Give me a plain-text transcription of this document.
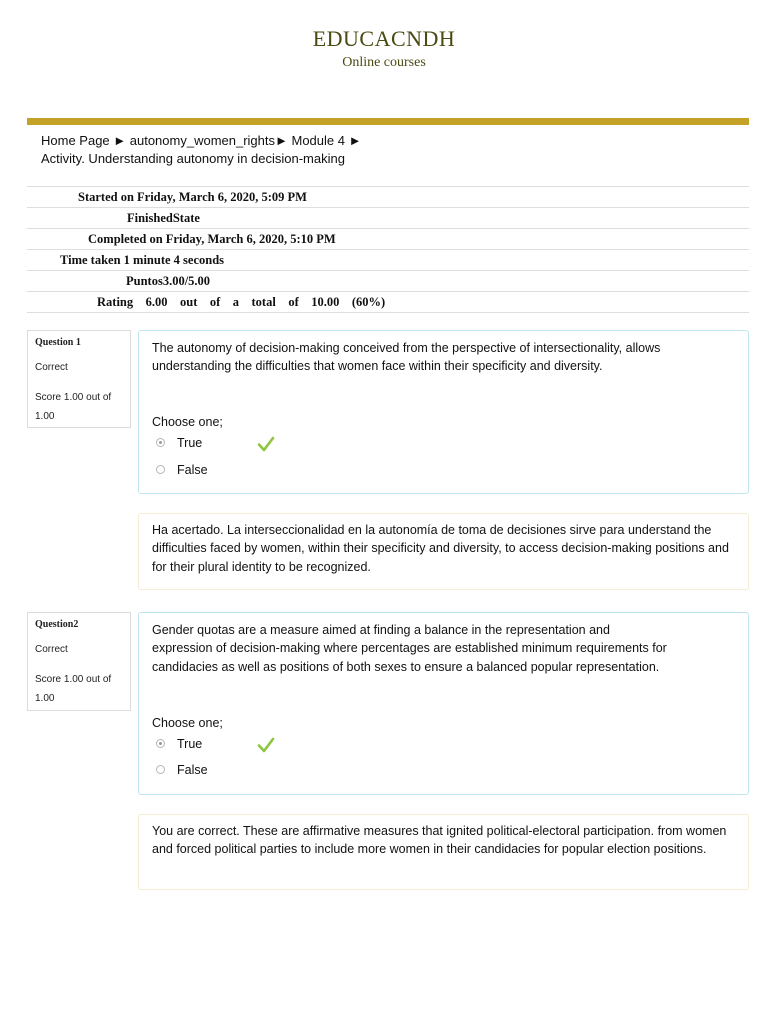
EDUCACNDH
Online courses
Home Page ► autonomy_women_rights► Module 4 ►
Activity. Understanding autonomy in decision-making
Started on Friday, March 6, 2020, 5:09 PM
FinishedState
Completed on Friday, March 6, 2020, 5:10 PM
Time taken 1 minute 4 seconds
Puntos3.00/5.00
Rating    6.00    out    of    a    total    of    10.00    (60%)
Question 1
Correct
Score 1.00 out of 1.00
The autonomy of decision-making conceived from the perspective of intersectionality, allows understanding the difficulties that women face within their specificity and diversity.
Choose one;
True
False
Ha acertado. La interseccionalidad en la autonomía de toma de decisiones sirve para understand the difficulties faced by women, within their specificity and diversity, to access decision-making positions and for their plural identity to be recognized.
Question2
Correct
Score 1.00 out of 1.00
Gender quotas are a measure aimed at finding a balance in the representation and expression of decision-making where percentages are established minimum requirements for candidacies as well as positions of both sexes to ensure a balanced popular representation.
Choose one;
True
False
You are correct. These are affirmative measures that ignited political-electoral participation. from women and forced political parties to include more women in their candidacies for popular election positions.
